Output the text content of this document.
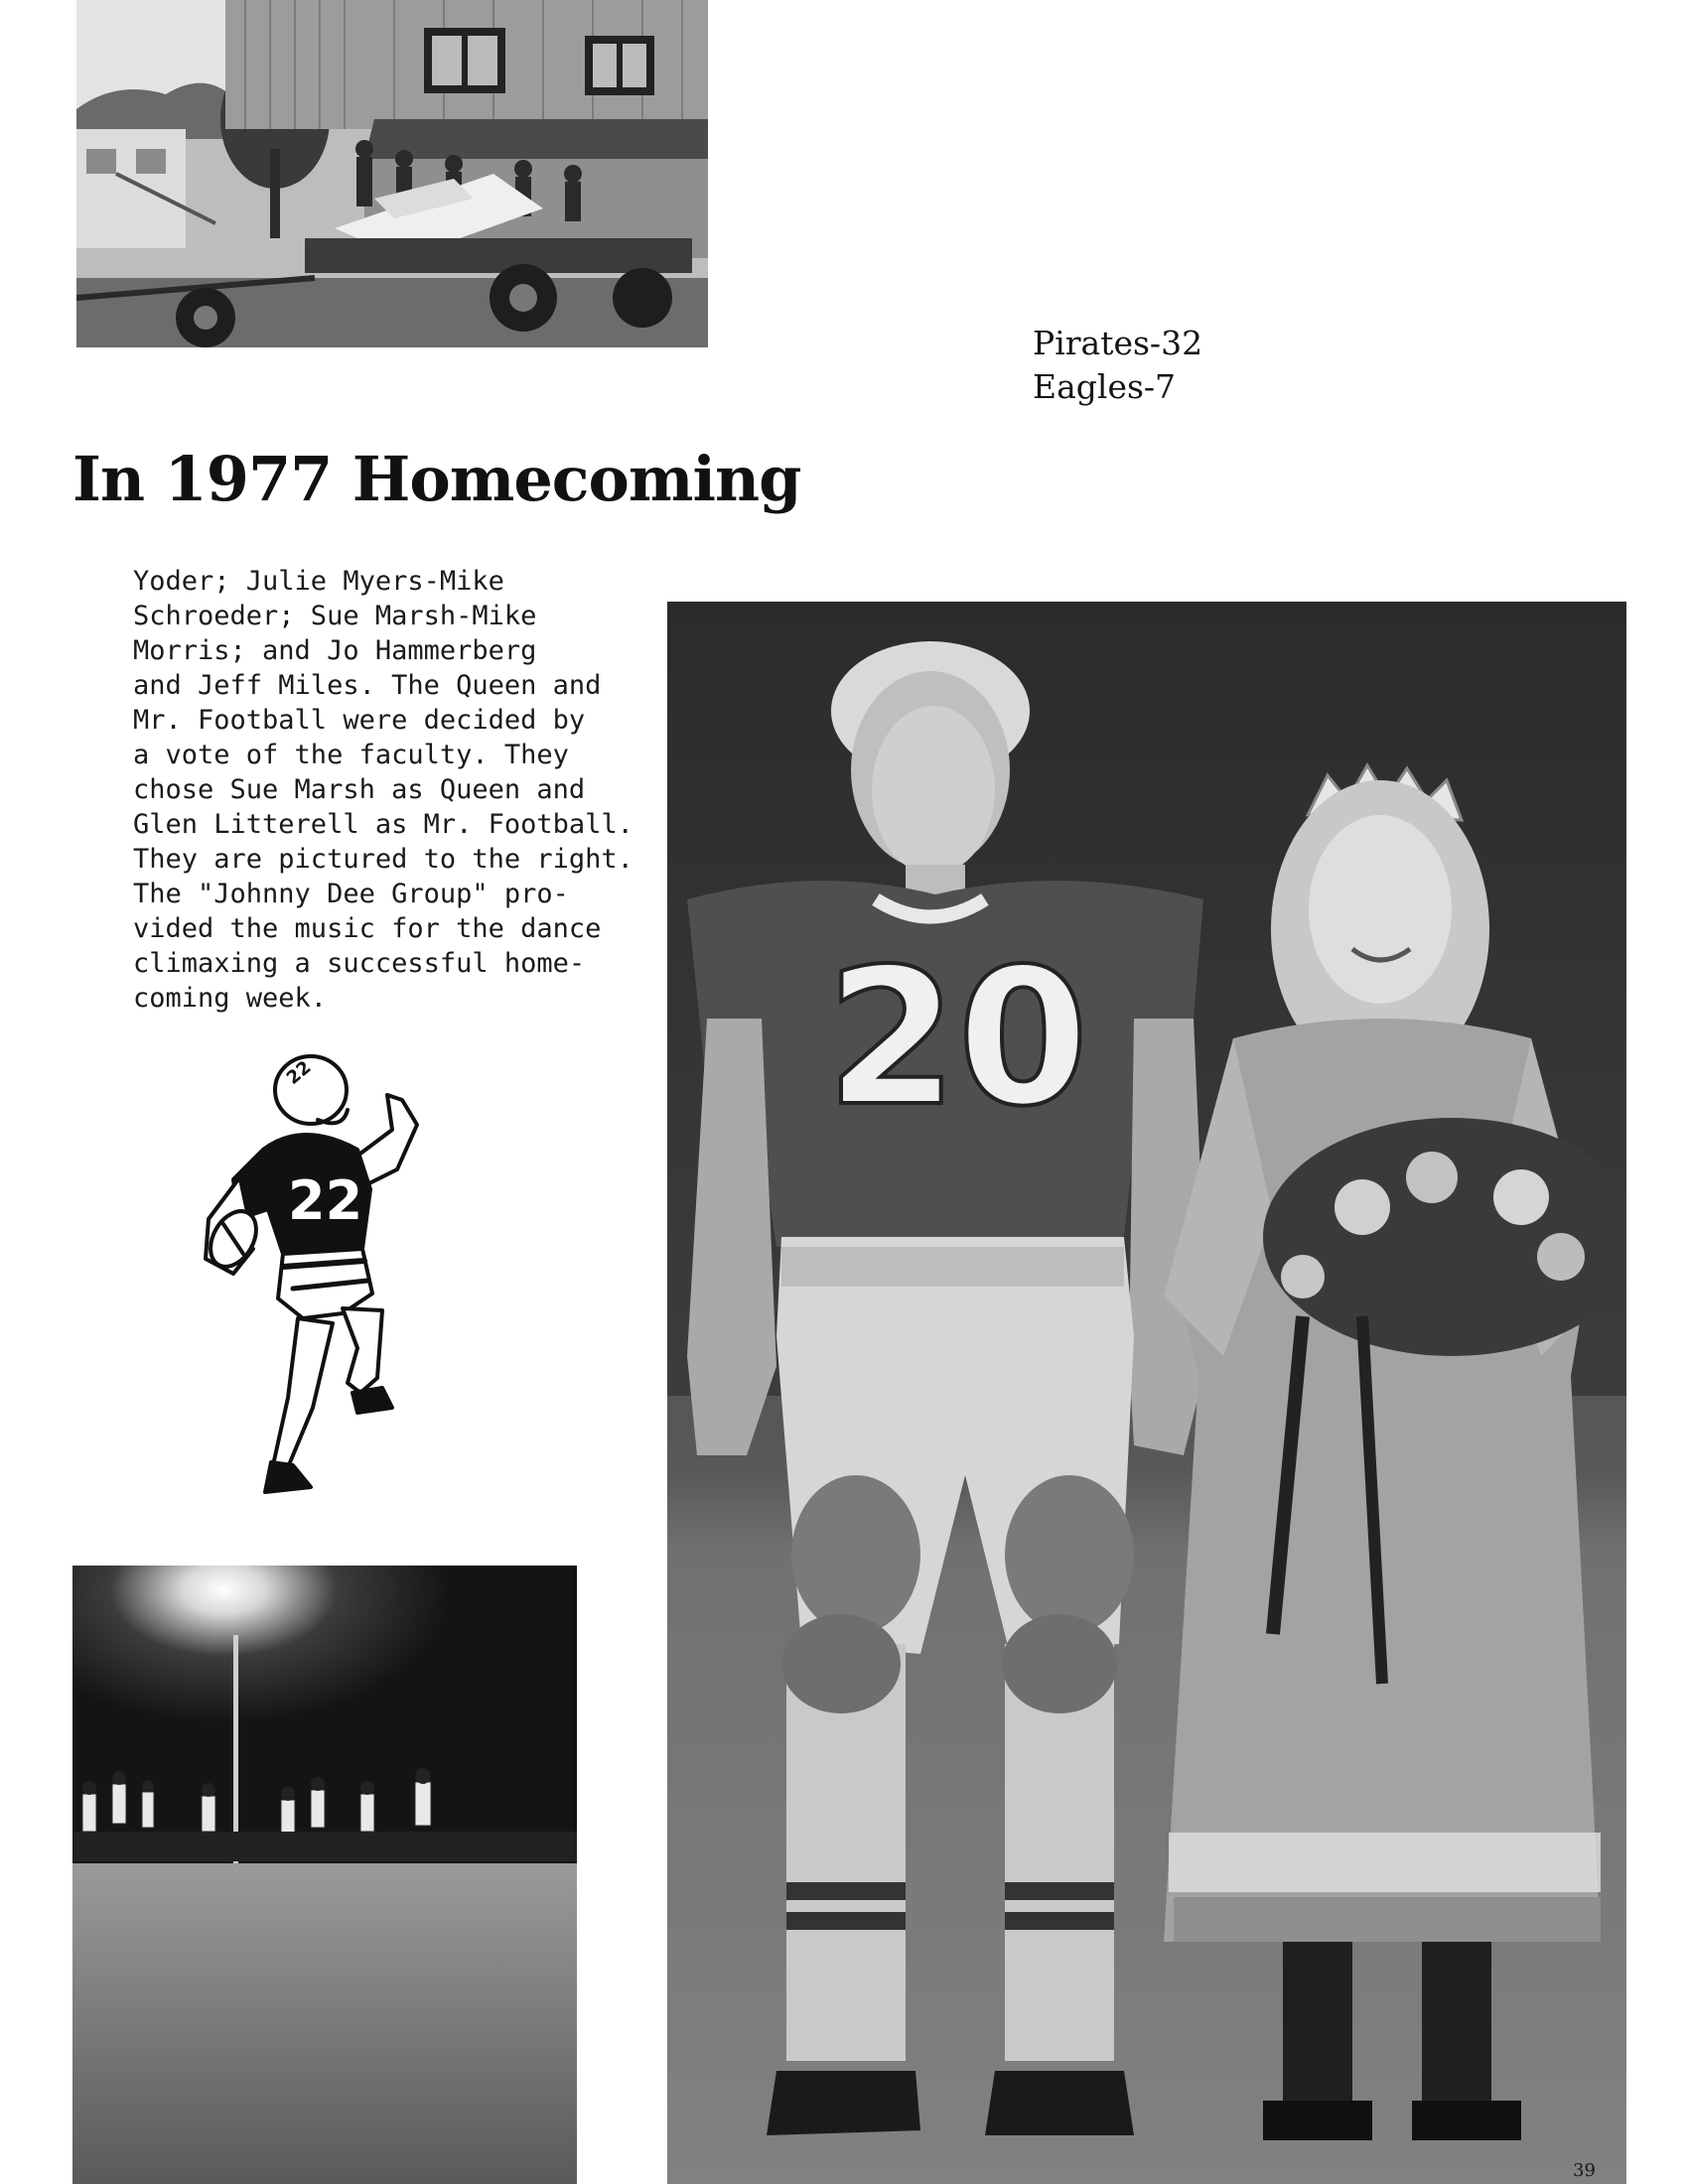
Pirates-32
Eagles-7
In 1977 Homecoming
Yoder; Julie Myers-Mike
Schroeder; Sue Marsh-Mike
Morris; and Jo Hammerberg
and Jeff Miles. The Queen and
Mr. Football were decided by
a vote of the faculty. They
chose Sue Marsh as Queen and
Glen Litterell as Mr. Football.
They are pictured to the right.
The "Johnny Dee Group" pro-
vided the music for the dance
climaxing a successful home-
coming week.
22
22	20
39
